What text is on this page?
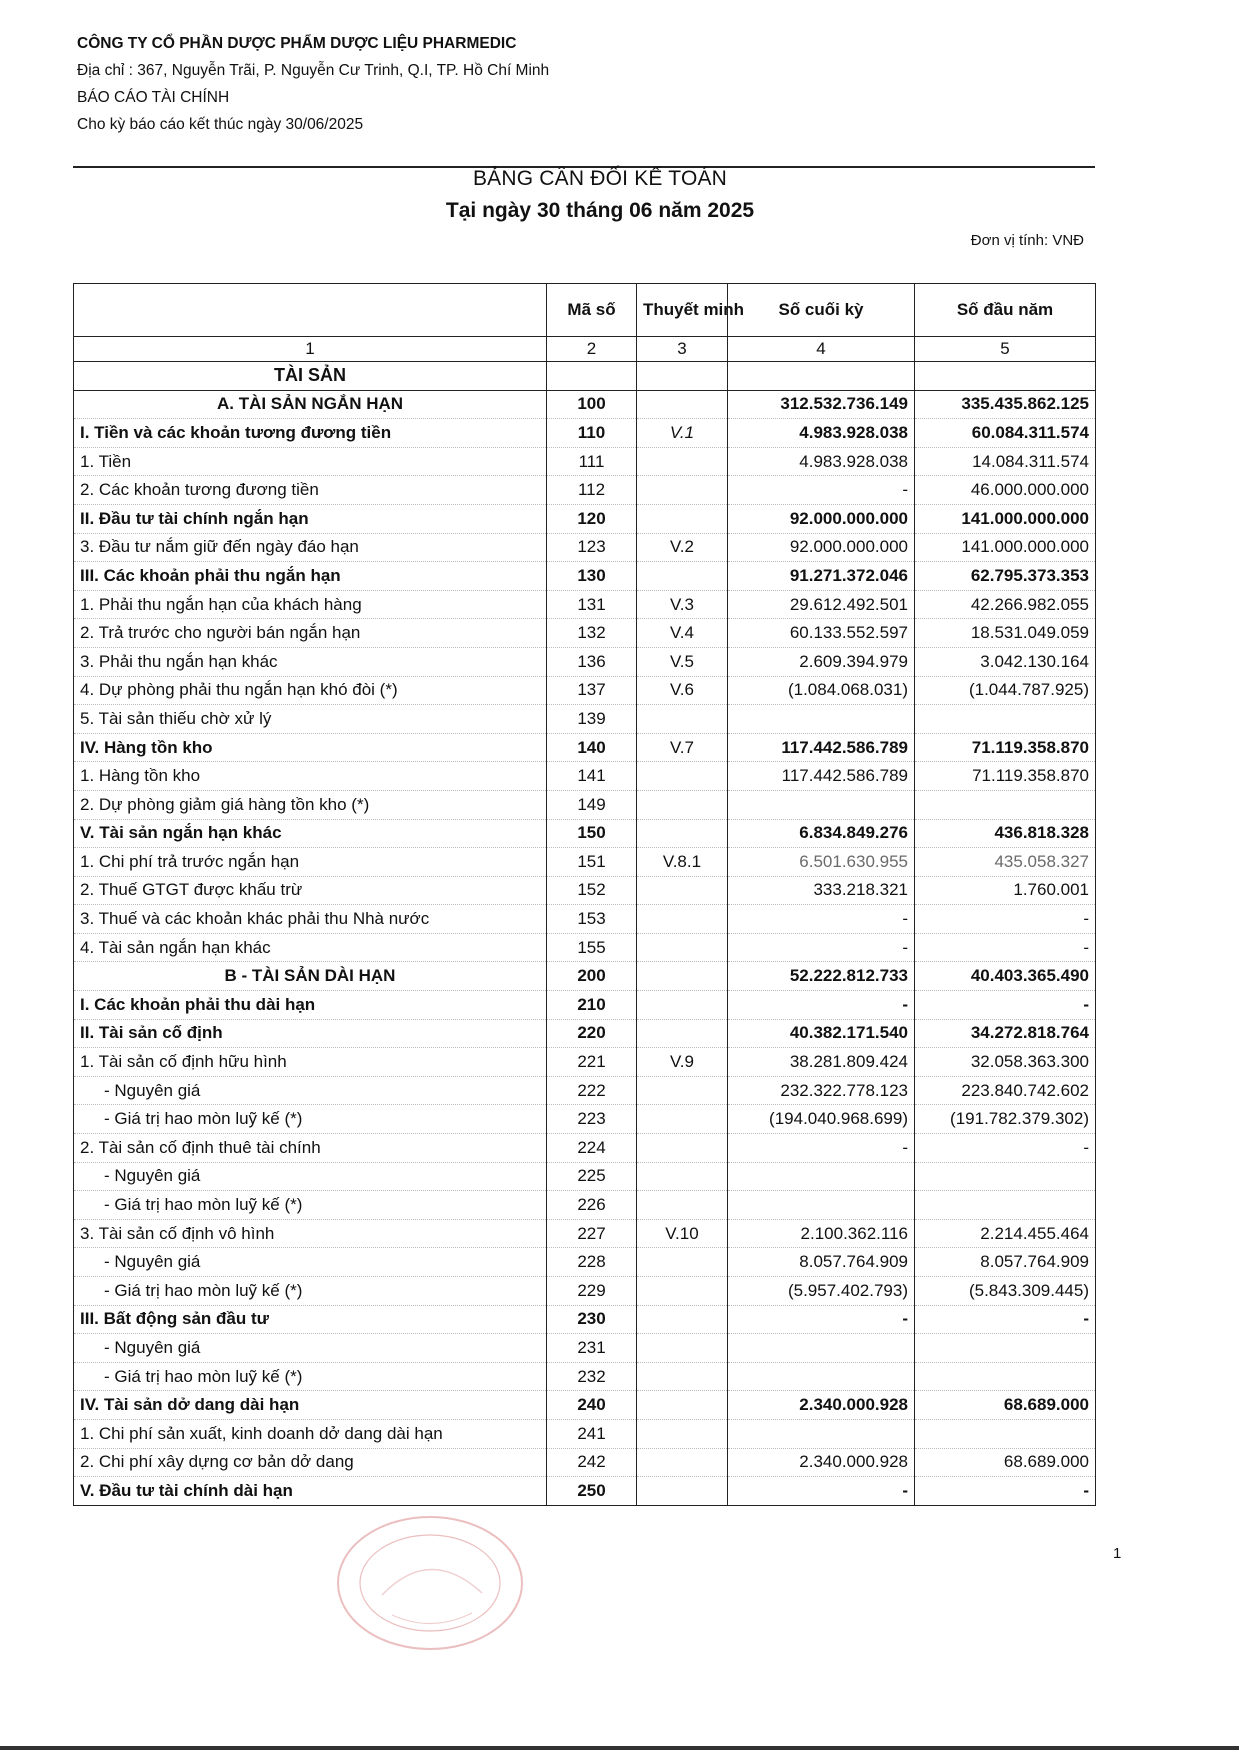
CÔNG TY CỔ PHẦN DƯỢC PHẨM DƯỢC LIỆU PHARMEDIC
Địa chỉ : 367, Nguyễn Trãi, P. Nguyễn Cư Trinh, Q.I, TP. Hồ Chí Minh
BÁO CÁO TÀI CHÍNH
Cho kỳ báo cáo kết thúc ngày 30/06/2025
BẢNG CÂN ĐỐI KẾ TOÁN
Tại ngày 30 tháng 06 năm 2025
Đơn vị tính: VNĐ
	Mã số	Thuyết minh	Số cuối kỳ	Số đầu năm
1	2	3	4	5
TÀI SẢN				
A. TÀI SẢN NGẮN HẠN	100		312.532.736.149	335.435.862.125
I. Tiền và các khoản tương đương tiền	110	V.1	4.983.928.038	60.084.311.574
1. Tiền	111		4.983.928.038	14.084.311.574
2. Các khoản tương đương tiền	112		-	46.000.000.000
II. Đầu tư tài chính ngắn hạn	120		92.000.000.000	141.000.000.000
3. Đầu tư nắm giữ đến ngày đáo hạn	123	V.2	92.000.000.000	141.000.000.000
III. Các khoản phải thu ngắn hạn	130		91.271.372.046	62.795.373.353
1. Phải thu ngắn hạn của khách hàng	131	V.3	29.612.492.501	42.266.982.055
2. Trả trước cho người bán ngắn hạn	132	V.4	60.133.552.597	18.531.049.059
3. Phải thu ngắn hạn khác	136	V.5	2.609.394.979	3.042.130.164
4. Dự phòng phải thu ngắn hạn khó đòi (*)	137	V.6	(1.084.068.031)	(1.044.787.925)
5. Tài sản thiếu chờ xử lý	139			
IV. Hàng tồn kho	140	V.7	117.442.586.789	71.119.358.870
1. Hàng tồn kho	141		117.442.586.789	71.119.358.870
2. Dự phòng giảm giá hàng tồn kho (*)	149			
V. Tài sản ngắn hạn khác	150		6.834.849.276	436.818.328
1. Chi phí trả trước ngắn hạn	151	V.8.1	6.501.630.955	435.058.327
2. Thuế GTGT được khấu trừ	152		333.218.321	1.760.001
3. Thuế và các khoản khác phải thu Nhà nước	153		-	-
4. Tài sản ngắn hạn khác	155		-	-
B - TÀI SẢN DÀI HẠN	200		52.222.812.733	40.403.365.490
I. Các khoản phải thu dài hạn	210		-	-
II. Tài sản cố định	220		40.382.171.540	34.272.818.764
1. Tài sản cố định hữu hình	221	V.9	38.281.809.424	32.058.363.300
- Nguyên giá	222		232.322.778.123	223.840.742.602
- Giá trị hao mòn luỹ kế (*)	223		(194.040.968.699)	(191.782.379.302)
2. Tài sản cố định thuê tài chính	224		-	-
- Nguyên giá	225			
- Giá trị hao mòn luỹ kế (*)	226			
3. Tài sản cố định vô hình	227	V.10	2.100.362.116	2.214.455.464
- Nguyên giá	228		8.057.764.909	8.057.764.909
- Giá trị hao mòn luỹ kế (*)	229		(5.957.402.793)	(5.843.309.445)
III. Bất động sản đầu tư	230		-	-
- Nguyên giá	231			
- Giá trị hao mòn luỹ kế (*)	232			
IV. Tài sản dở dang dài hạn	240		2.340.000.928	68.689.000
1. Chi phí sản xuất, kinh doanh dở dang dài hạn	241			
2. Chi phí xây dựng cơ bản dở dang	242		2.340.000.928	68.689.000
V. Đầu tư tài chính dài hạn	250		-	-
1
